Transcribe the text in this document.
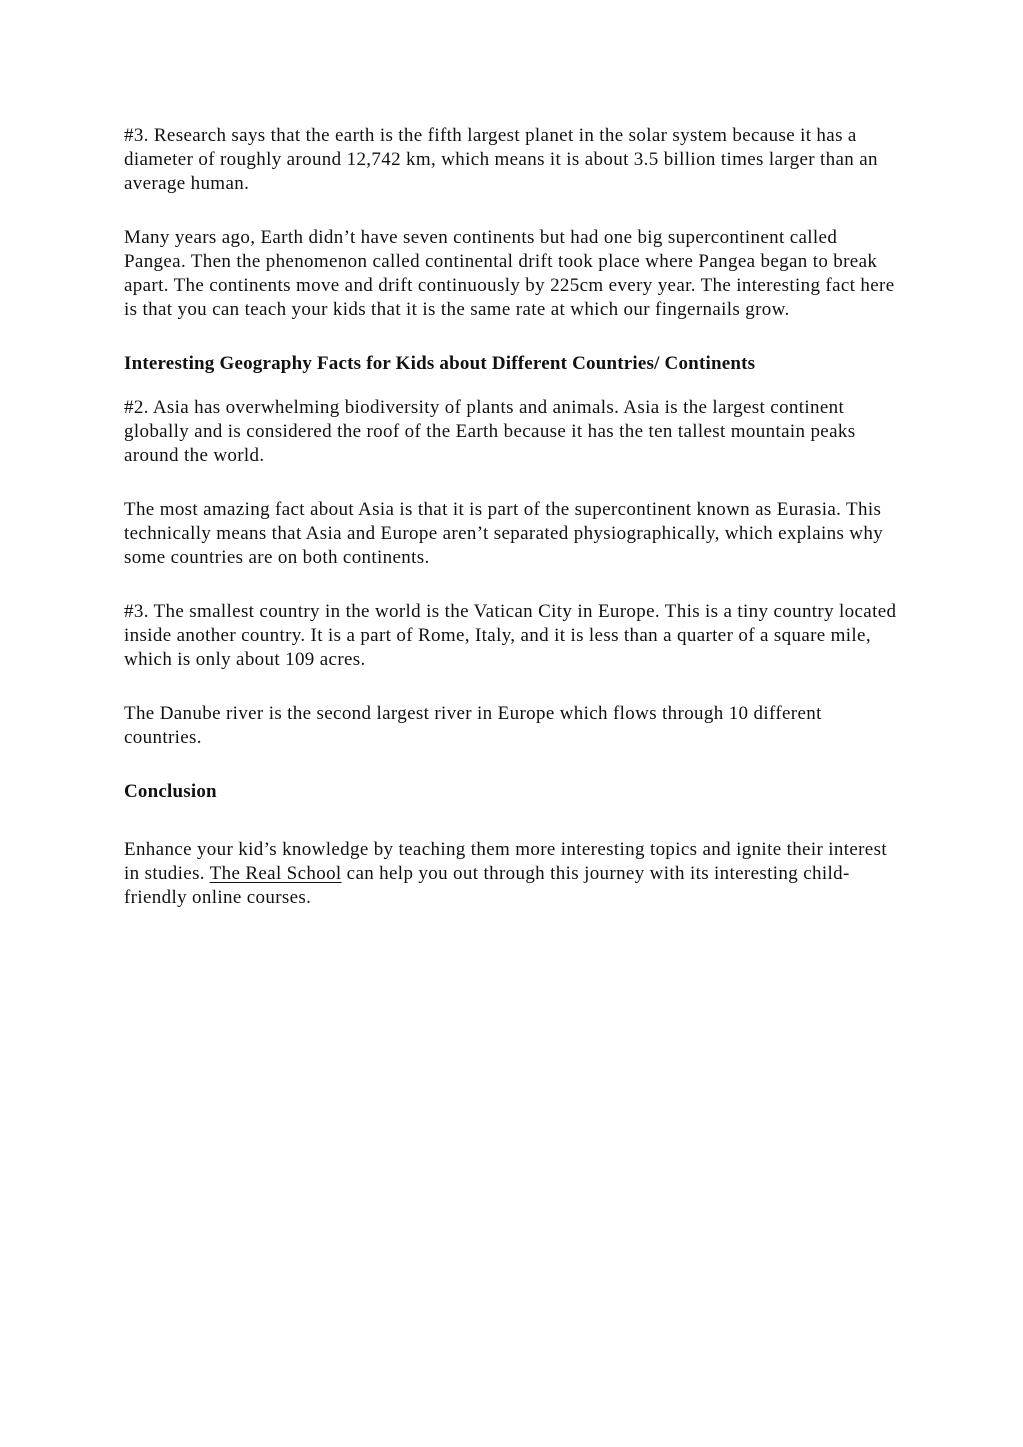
#3. Research says that the earth is the fifth largest planet in the solar system because it has a diameter of roughly around 12,742 km, which means it is about 3.5 billion times larger than an average human.

Many years ago, Earth didn’t have seven continents but had one big supercontinent called Pangea. Then the phenomenon called continental drift took place where Pangea began to break apart. The continents move and drift continuously by 225cm every year. The interesting fact here is that you can teach your kids that it is the same rate at which our fingernails grow.

Interesting Geography Facts for Kids about Different Countries/ Continents

#2. Asia has overwhelming biodiversity of plants and animals. Asia is the largest continent globally and is considered the roof of the Earth because it has the ten tallest mountain peaks around the world.

The most amazing fact about Asia is that it is part of the supercontinent known as Eurasia. This technically means that Asia and Europe aren’t separated physiographically, which explains why some countries are on both continents.

#3. The smallest country in the world is the Vatican City in Europe. This is a tiny country located inside another country. It is a part of Rome, Italy, and it is less than a quarter of a square mile, which is only about 109 acres.

The Danube river is the second largest river in Europe which flows through 10 different countries.

Conclusion

Enhance your kid’s knowledge by teaching them more interesting topics and ignite their interest in studies. The Real School can help you out through this journey with its interesting child-friendly online courses.
